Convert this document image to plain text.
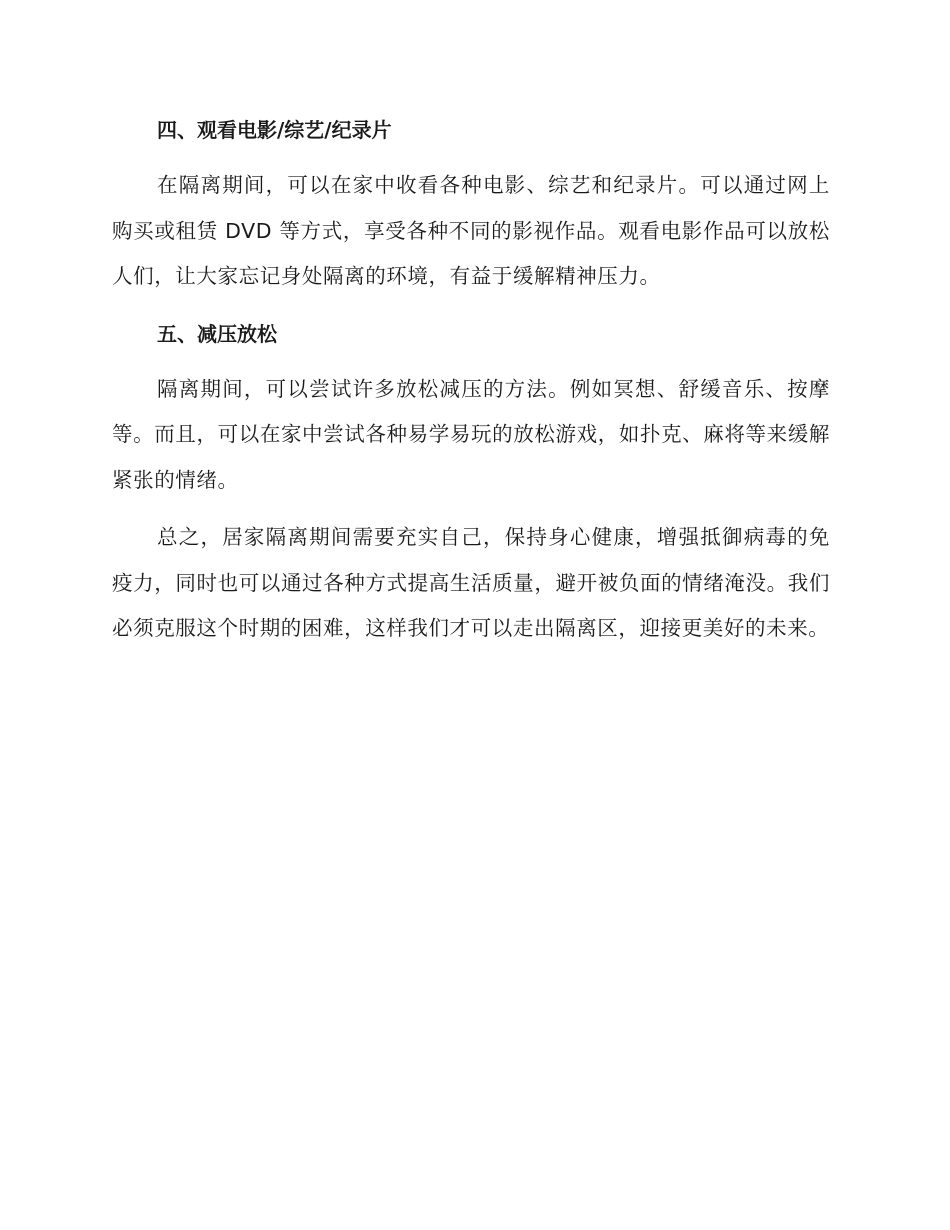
四、观看电影/综艺/纪录片

在隔离期间，可以在家中收看各种电影、综艺和纪录片。可以通过网上购买或租赁 DVD 等方式，享受各种不同的影视作品。观看电影作品可以放松人们，让大家忘记身处隔离的环境，有益于缓解精神压力。

五、减压放松

隔离期间，可以尝试许多放松减压的方法。例如冥想、舒缓音乐、按摩等。而且，可以在家中尝试各种易学易玩的放松游戏，如扑克、麻将等来缓解紧张的情绪。

总之，居家隔离期间需要充实自己，保持身心健康，增强抵御病毒的免疫力，同时也可以通过各种方式提高生活质量，避开被负面的情绪淹没。我们必须克服这个时期的困难，这样我们才可以走出隔离区，迎接更美好的未来。
